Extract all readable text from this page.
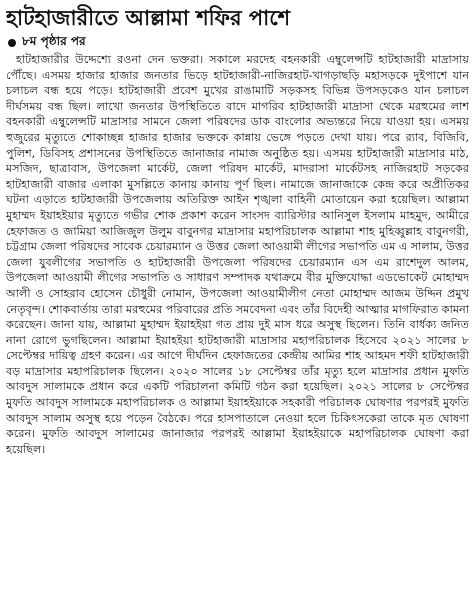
হাটহাজারীতে আল্লামা শফির পাশে
৮ম পৃষ্ঠার পর

হাটহাজারীর উদ্দেশ্যে রওনা দেন ভক্তরা। সকালে মরদেহ বহনকারী এম্বুলেন্সটি হাটহাজারী মাদ্রাসায় পৌঁছে। এসময় হাজার হাজার জনতার ভিড়ে হাটহাজারী-নাজিরহাট-খাগড়াছড়ি মহাসড়কে দুইপাশে যান চলাচল বন্ধ হয়ে পড়ে। হাটহাজারী প্রবেশ মুখের রাঙামাটি সড়কসহ বিভিন্ন উপসড়কেও যান চলাচল দীর্ঘসময় বন্ধ ছিল। লাখো জনতার উপস্থিতিতে বাদে মাগরিব হাটহাজারী মাদ্রাসা থেকে মরহুমের লাশ বহনকারী এম্বুলেন্সটি মাদ্রাসার সামনে জেলা পরিষদের ডাক বাংলোর অভ্যন্তরে নিয়ে যাওয়া হয়। এসময় হুজুরের মৃত্যুতে শোকাচ্ছন্ন হাজার হাজার ভক্তকে কান্নায় ভেঙ্গে পড়তে দেখা যায়। পরে র‍্যাব, বিজিবি, পুলিশ, ডিবিসহ প্রশাসনের উপস্থিতিতে জানাজার নামাজ অনুষ্ঠিত হয়। এসময় হাটহাজারী মাদ্রাসার মাঠ, মসজিদ, ছাত্রাবাস, উপজেলা মার্কেট, জেলা পরিষদ মার্কেট, মাদরাসা মার্কেটসহ নাজিরহাট সড়কের হাটহাজারী বাজার এলাকা মুসল্লিতে কানায় কানায় পূর্ণ ছিল। নামাজে জানাজাকে কেন্দ্র করে অপ্রীতিকর ঘটনা এড়াতে হাটহাজারী উপজেলায় অতিরিক্ত আইন শৃঙ্খলা বাহিনী মোতায়েন করা হয়েছিল। আল্লামা মুহাম্মদ ইয়াহইয়ার মৃত্যুতে গভীর শোক প্রকাশ করেন সাংসদ ব্যারিস্টার আনিসুল ইসলাম মাহমুদ, আমীরে হেফাজত ও জামিয়া আজিজুল উলুম বাবুনগর মাদ্রাসার মহাপরিচালক আল্লামা শাহ মুহিব্বুল্লাহ বাবুনগরী, চট্টগ্রাম জেলা পরিষদের সাবেক চেয়ারম্যান ও উত্তর জেলা আওয়ামী লীগের সভাপতি এম এ সালাম, উত্তর জেলা যুবলীগের সভাপতি ও হাটহাজারী উপজেলা পরিষদের চেয়ারম্যান এস এম রাশেদুল আলম, উপজেলা আওয়ামী লীগের সভাপতি ও সাধারণ সম্পাদক যথাক্রমে বীর মুক্তিযোদ্ধা এডভোকেট মোহাম্মদ আলী ও সোহরাব হোসেন চৌধুরী নোমান, উপজেলা আওয়ামীলীগ নেতা মোহাম্মদ আজম উদ্দিন প্রমুখ নেতৃবৃন্দ। শোকবার্তায় তারা মরহুমের পরিবারের প্রতি সমবেদনা এবং তাঁর বিদেহী আত্মার মাগফিরাত কামনা করেছেন। জানা যায়, আল্লামা মুহাম্মদ ইয়াহইয়া গত প্রায় দুই মাস ধরে অসুস্থ ছিলেন। তিনি বার্ধক্য জনিত নানা রোগে ভুগছিলেন। আল্লামা ইয়াহইয়া হাটহাজারী মাদ্রাসার মহাপরিচালক হিসেবে ২০২১ সালের ৮ সেপ্টেম্বর দায়িত্ব গ্রহণ করেন। এর আগে দীর্ঘদিন হেফাজতের কেন্দ্রীয় আমির শাহ আহমদ শফী হাটহাজারী বড় মাদ্রাসার মহাপরিচালক ছিলেন। ২০২০ সালের ১৮ সেপ্টেম্বর তাঁর মৃত্যু হলে মাদ্রাসার প্রধান মুফতি আবদুস সালামকে প্রধান করে একটি পরিচালনা কমিটি গঠন করা হয়েছিল। ২০২১ সালের ৮ সেপ্টেম্বর মুফতি আবদুস সালামকে মহাপরিচালক ও আল্লামা ইয়াহইয়াকে সহকারী পরিচালক ঘোষণার পরপরই মুফতি আবদুস সালাম অসুস্থ হয়ে পড়েন বৈঠকে। পরে হাসপাতালে নেওয়া হলে চিকিৎসকেরা তাকে মৃত ঘোষণা করেন। মুফতি আবদুস সালামের জানাজার পরপরই আল্লামা ইয়াহইয়াকে মহাপরিচালক ঘোষণা করা হয়েছিল।
